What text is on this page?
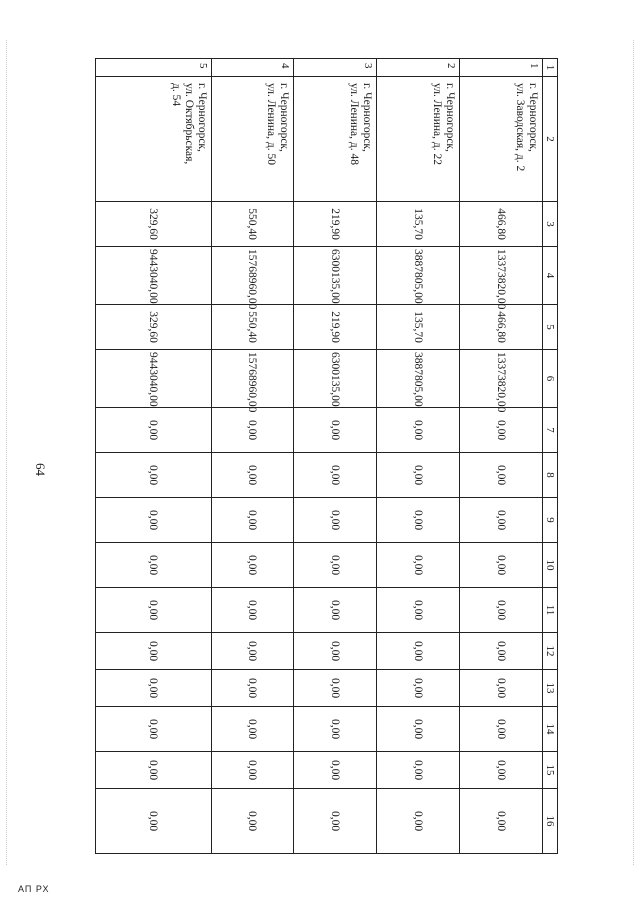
64
1	2	3	4	5	6	7	8	9	10	11	12	13	14	15	16
1	г. Черногорск,
ул. Заводская, д. 2	466,80	13373820,00	466,80	13373820,00	0,00	0,00	0,00	0,00	0,00	0,00	0,00	0,00	0,00	0,00
2	г. Черногорск,
ул. Ленина, д. 22	135,70	3887805,00	135,70	3887805,00	0,00	0,00	0,00	0,00	0,00	0,00	0,00	0,00	0,00	0,00
3	г. Черногорск,
ул. Ленина, д. 48	219,90	6300135,00	219,90	6300135,00	0,00	0,00	0,00	0,00	0,00	0,00	0,00	0,00	0,00	0,00
4	г. Черногорск,
ул. Ленина, д. 50	550,40	15768960,00	550,40	15768960,00	0,00	0,00	0,00	0,00	0,00	0,00	0,00	0,00	0,00	0,00
5	г. Черногорск,
ул. Октябрьская,
д. 54	329,60	9443040,00	329,60	9443040,00	0,00	0,00	0,00	0,00	0,00	0,00	0,00	0,00	0,00	0,00
АП РХ
